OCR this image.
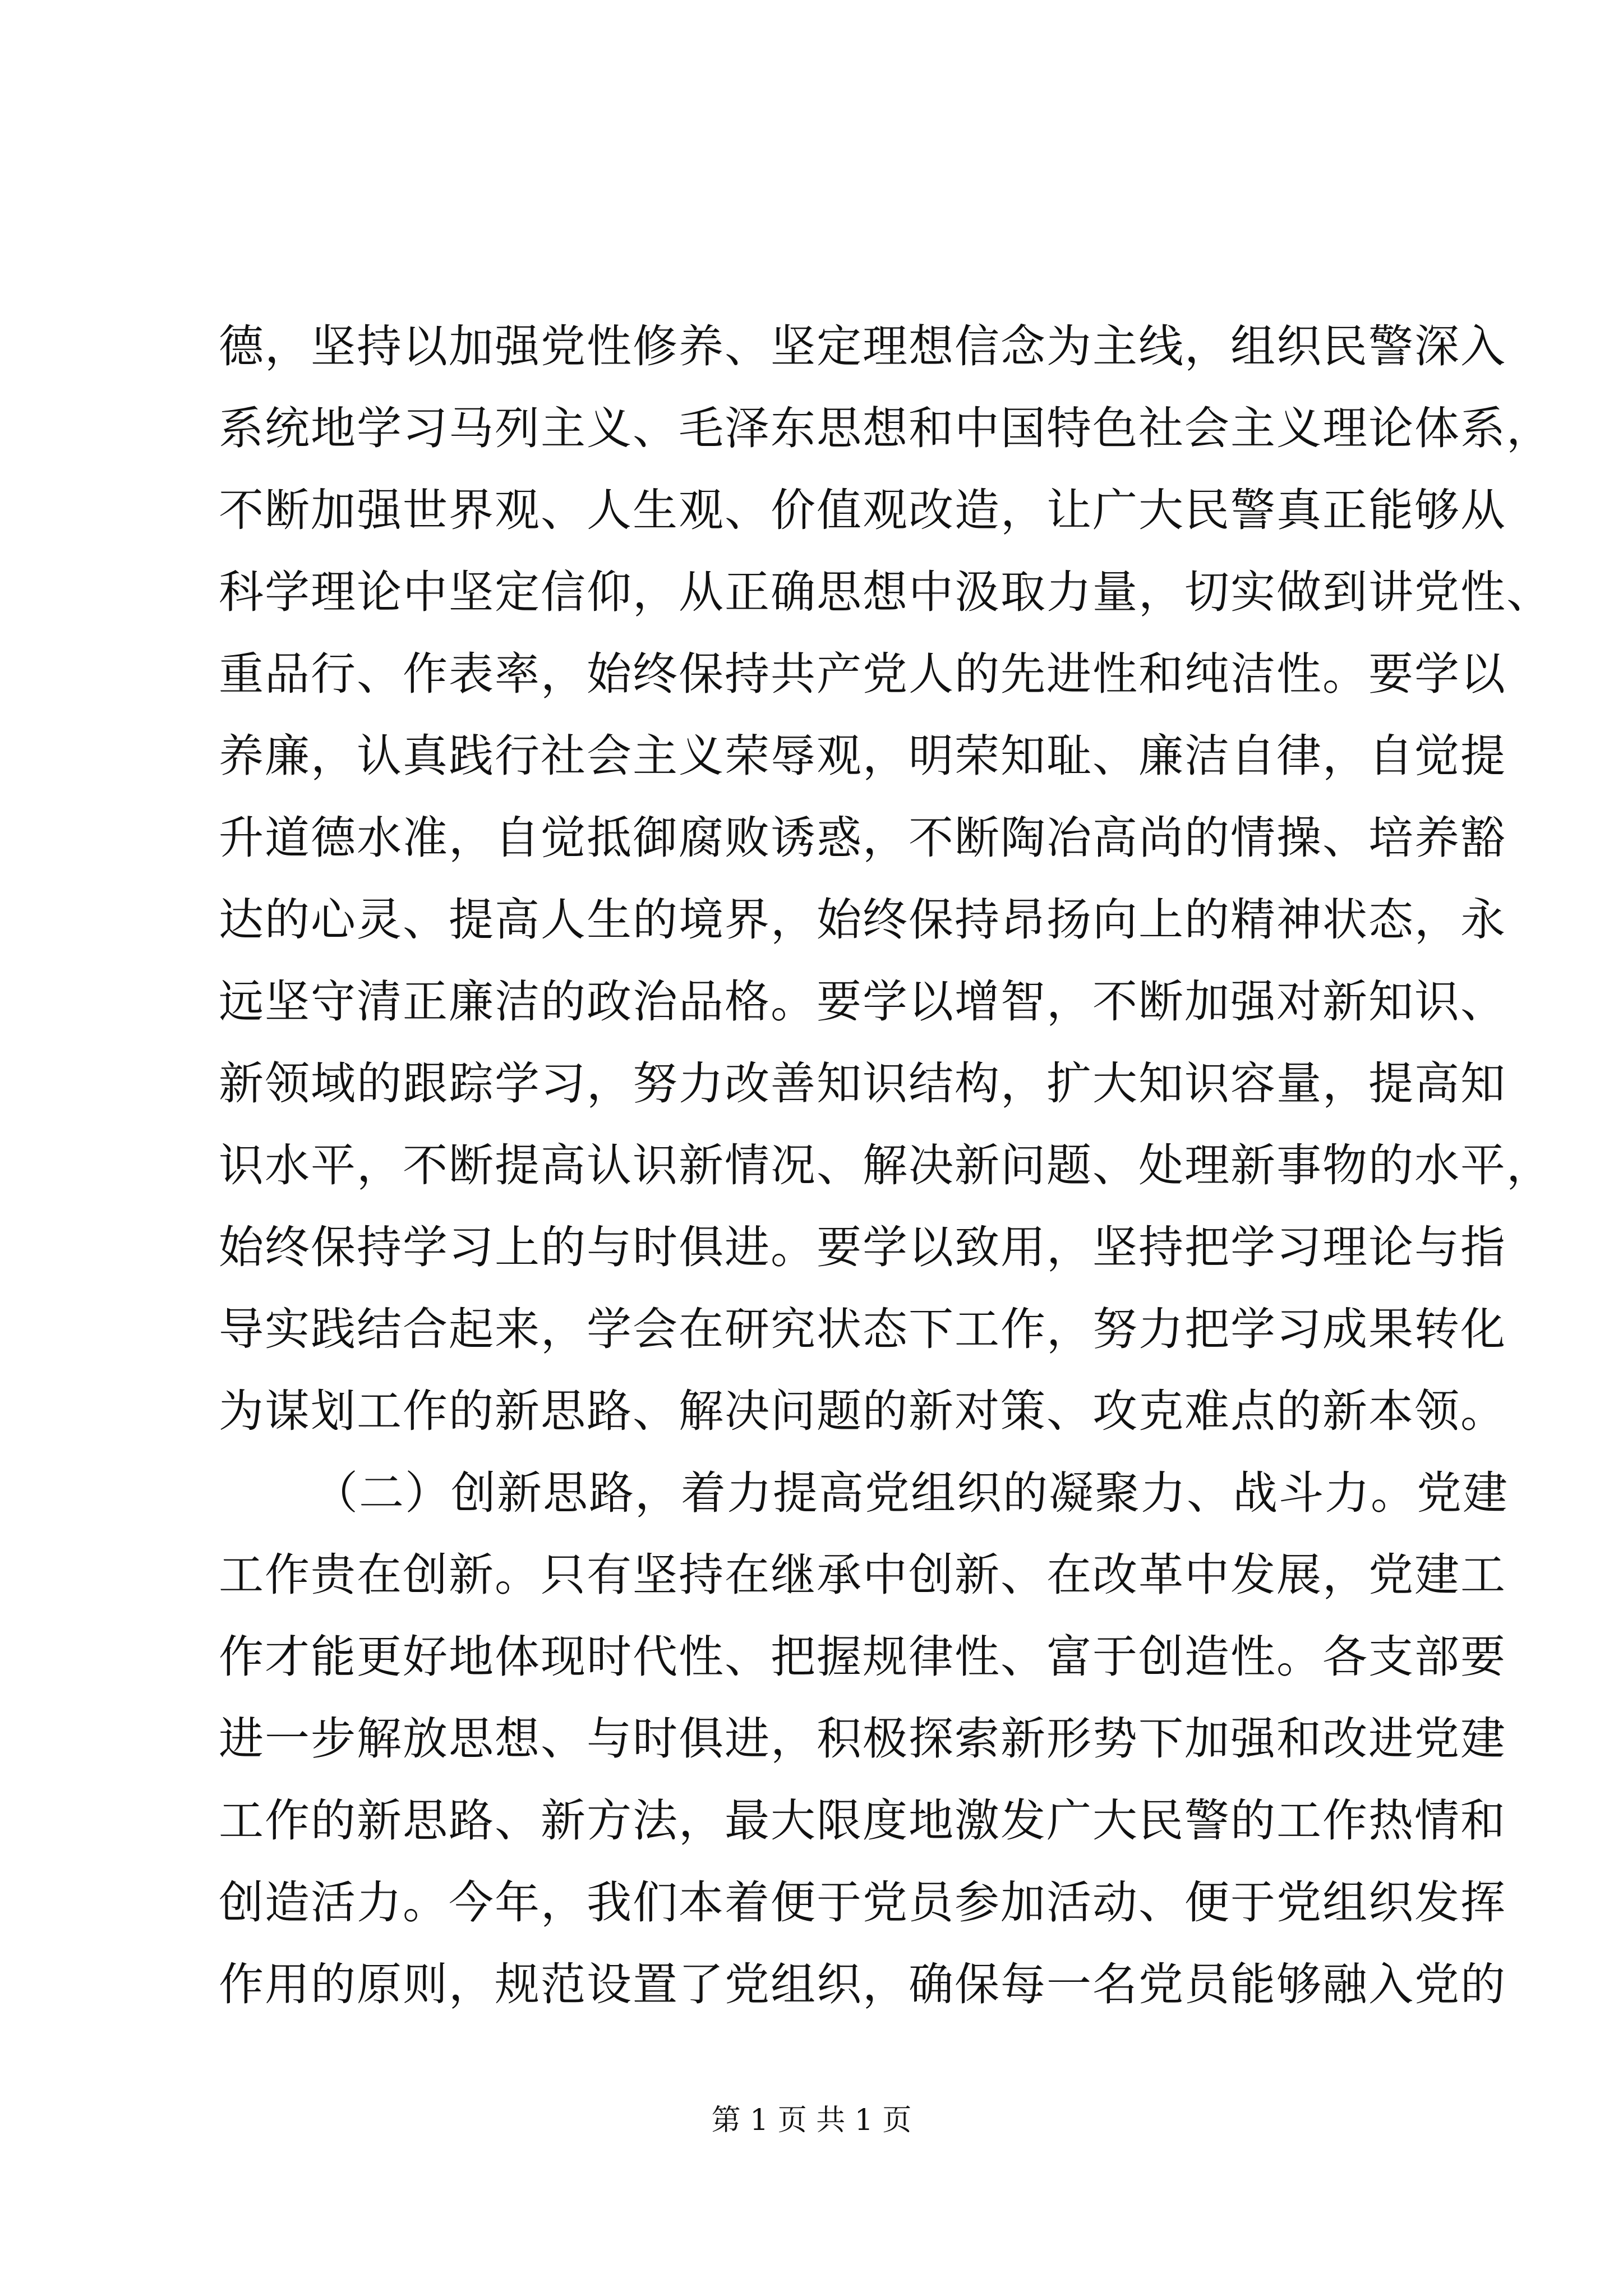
德，坚持以加强党性修养、坚定理想信念为主线，组织民警深入
系统地学习马列主义、毛泽东思想和中国特色社会主义理论体系，
不断加强世界观、人生观、价值观改造，让广大民警真正能够从
科学理论中坚定信仰，从正确思想中汲取力量，切实做到讲党性、
重品行、作表率，始终保持共产党人的先进性和纯洁性。要学以
养廉，认真践行社会主义荣辱观，明荣知耻、廉洁自律，自觉提
升道德水准，自觉抵御腐败诱惑，不断陶冶高尚的情操、培养豁
达的心灵、提高人生的境界，始终保持昂扬向上的精神状态，永
远坚守清正廉洁的政治品格。要学以增智，不断加强对新知识、
新领域的跟踪学习，努力改善知识结构，扩大知识容量，提高知
识水平，不断提高认识新情况、解决新问题、处理新事物的水平，
始终保持学习上的与时俱进。要学以致用，坚持把学习理论与指
导实践结合起来，学会在研究状态下工作，努力把学习成果转化
为谋划工作的新思路、解决问题的新对策、攻克难点的新本领。
（二）创新思路，着力提高党组织的凝聚力、战斗力。党建
工作贵在创新。只有坚持在继承中创新、在改革中发展，党建工
作才能更好地体现时代性、把握规律性、富于创造性。各支部要
进一步解放思想、与时俱进，积极探索新形势下加强和改进党建
工作的新思路、新方法，最大限度地激发广大民警的工作热情和
创造活力。今年，我们本着便于党员参加活动、便于党组织发挥
作用的原则，规范设置了党组织，确保每一名党员能够融入党的
第 1 页 共 1 页
